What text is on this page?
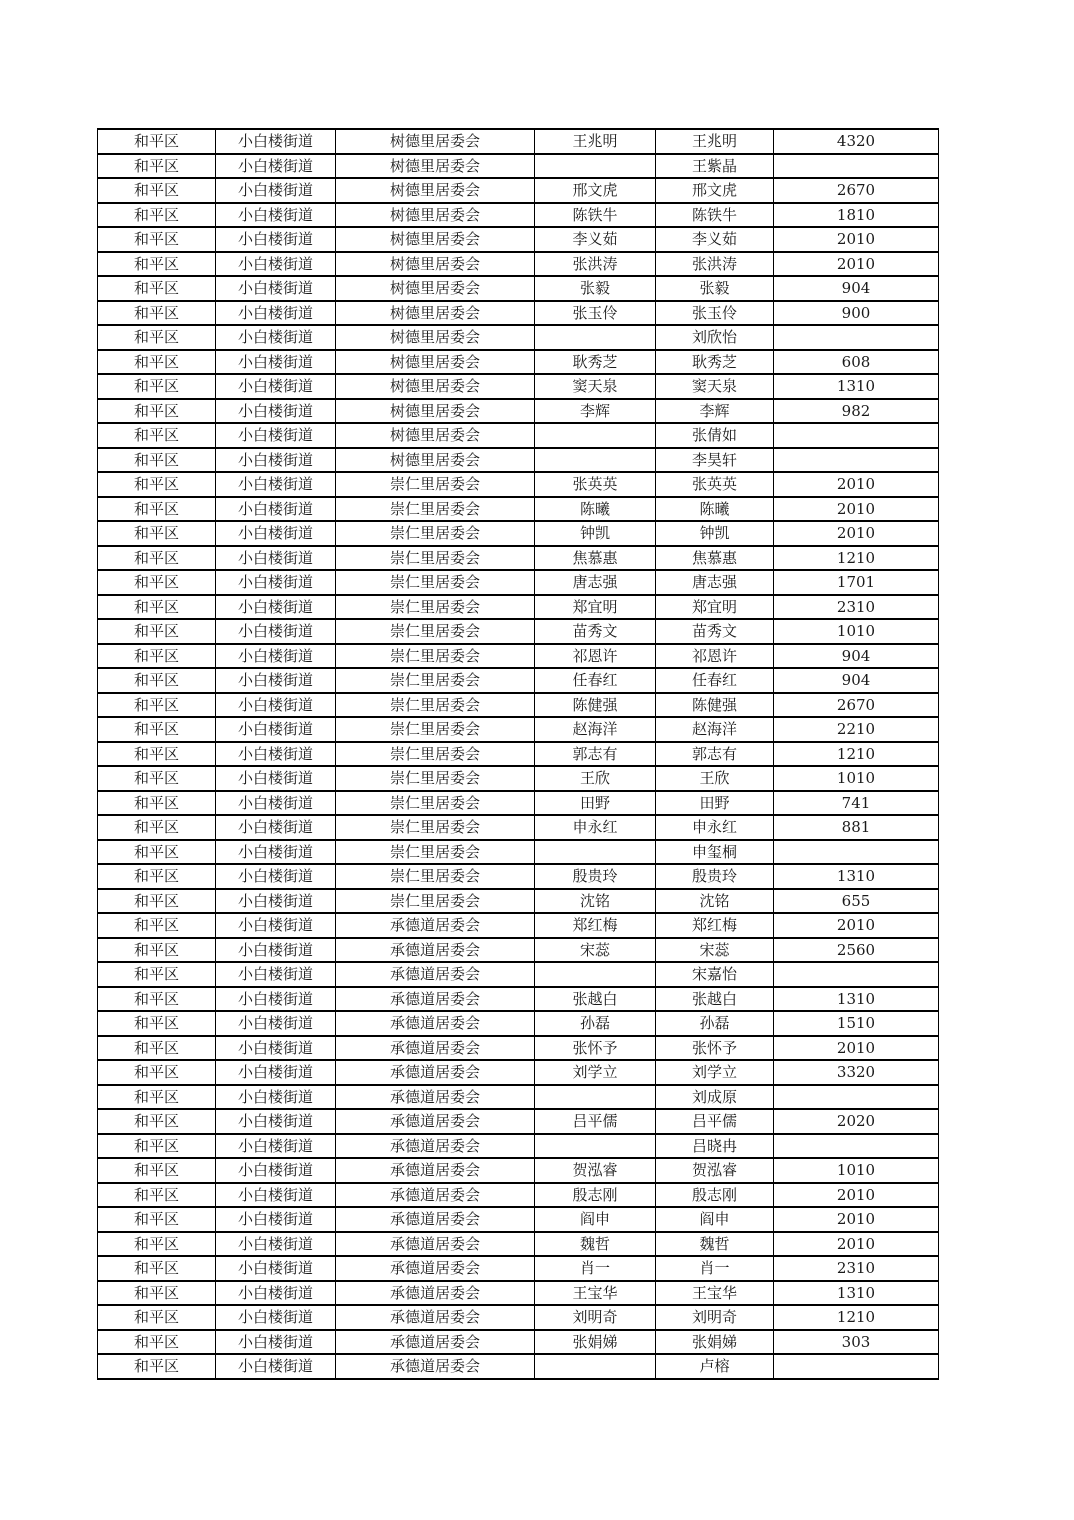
和平区	小白楼街道	树德里居委会	王兆明	王兆明	4320
和平区	小白楼街道	树德里居委会		王紫晶	
和平区	小白楼街道	树德里居委会	邢文虎	邢文虎	2670
和平区	小白楼街道	树德里居委会	陈铁牛	陈铁牛	1810
和平区	小白楼街道	树德里居委会	李义茹	李义茹	2010
和平区	小白楼街道	树德里居委会	张洪涛	张洪涛	2010
和平区	小白楼街道	树德里居委会	张毅	张毅	904
和平区	小白楼街道	树德里居委会	张玉伶	张玉伶	900
和平区	小白楼街道	树德里居委会		刘欣怡	
和平区	小白楼街道	树德里居委会	耿秀芝	耿秀芝	608
和平区	小白楼街道	树德里居委会	窦天泉	窦天泉	1310
和平区	小白楼街道	树德里居委会	李辉	李辉	982
和平区	小白楼街道	树德里居委会		张倩如	
和平区	小白楼街道	树德里居委会		李昊轩	
和平区	小白楼街道	崇仁里居委会	张英英	张英英	2010
和平区	小白楼街道	崇仁里居委会	陈曦	陈曦	2010
和平区	小白楼街道	崇仁里居委会	钟凯	钟凯	2010
和平区	小白楼街道	崇仁里居委会	焦慕惠	焦慕惠	1210
和平区	小白楼街道	崇仁里居委会	唐志强	唐志强	1701
和平区	小白楼街道	崇仁里居委会	郑宜明	郑宜明	2310
和平区	小白楼街道	崇仁里居委会	苗秀文	苗秀文	1010
和平区	小白楼街道	崇仁里居委会	祁恩许	祁恩许	904
和平区	小白楼街道	崇仁里居委会	任春红	任春红	904
和平区	小白楼街道	崇仁里居委会	陈健强	陈健强	2670
和平区	小白楼街道	崇仁里居委会	赵海洋	赵海洋	2210
和平区	小白楼街道	崇仁里居委会	郭志有	郭志有	1210
和平区	小白楼街道	崇仁里居委会	王欣	王欣	1010
和平区	小白楼街道	崇仁里居委会	田野	田野	741
和平区	小白楼街道	崇仁里居委会	申永红	申永红	881
和平区	小白楼街道	崇仁里居委会		申玺桐	
和平区	小白楼街道	崇仁里居委会	殷贵玲	殷贵玲	1310
和平区	小白楼街道	崇仁里居委会	沈铭	沈铭	655
和平区	小白楼街道	承德道居委会	郑红梅	郑红梅	2010
和平区	小白楼街道	承德道居委会	宋蕊	宋蕊	2560
和平区	小白楼街道	承德道居委会		宋嘉怡	
和平区	小白楼街道	承德道居委会	张越白	张越白	1310
和平区	小白楼街道	承德道居委会	孙磊	孙磊	1510
和平区	小白楼街道	承德道居委会	张怀予	张怀予	2010
和平区	小白楼街道	承德道居委会	刘学立	刘学立	3320
和平区	小白楼街道	承德道居委会		刘成原	
和平区	小白楼街道	承德道居委会	吕平儒	吕平儒	2020
和平区	小白楼街道	承德道居委会		吕晓冉	
和平区	小白楼街道	承德道居委会	贺泓睿	贺泓睿	1010
和平区	小白楼街道	承德道居委会	殷志刚	殷志刚	2010
和平区	小白楼街道	承德道居委会	阎申	阎申	2010
和平区	小白楼街道	承德道居委会	魏哲	魏哲	2010
和平区	小白楼街道	承德道居委会	肖一	肖一	2310
和平区	小白楼街道	承德道居委会	王宝华	王宝华	1310
和平区	小白楼街道	承德道居委会	刘明奇	刘明奇	1210
和平区	小白楼街道	承德道居委会	张娟娣	张娟娣	303
和平区	小白楼街道	承德道居委会		卢榕	
